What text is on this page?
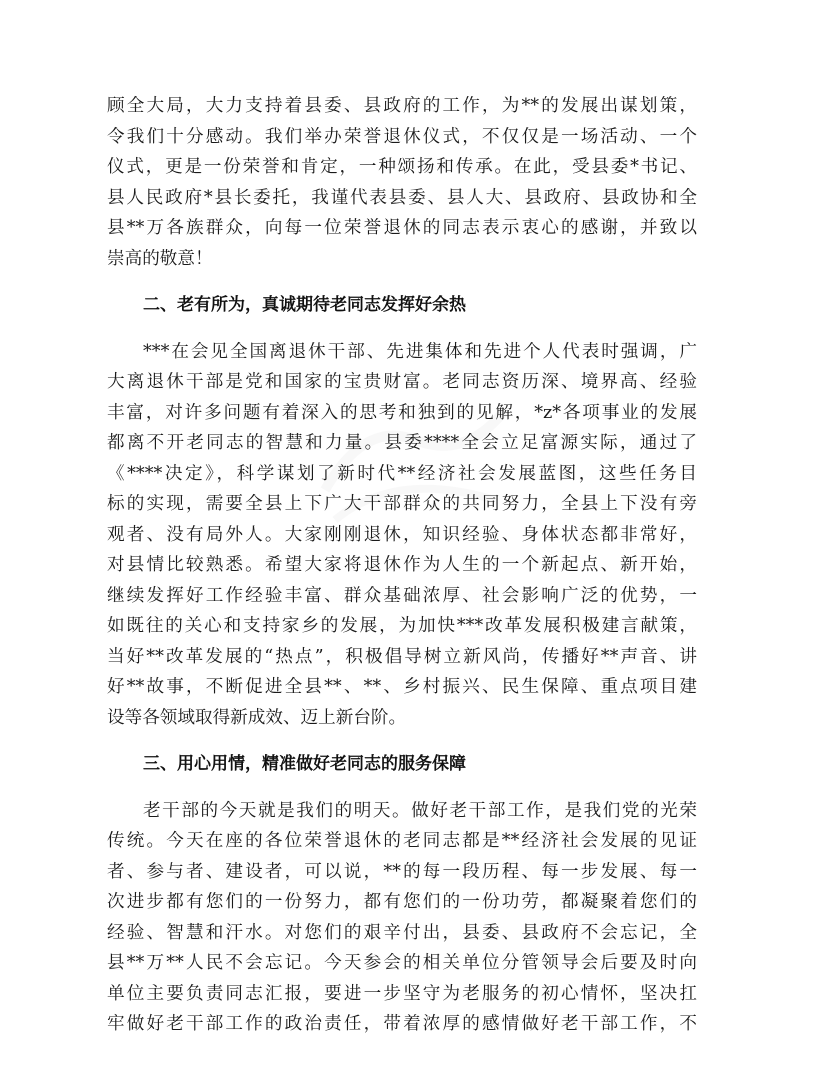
顾全大局，大力支持着县委、县政府的工作，为**的发展出谋划策，
令我们十分感动。我们举办荣誉退休仪式，不仅仅是一场活动、一个
仪式，更是一份荣誉和肯定，一种颂扬和传承。在此，受县委*书记、
县人民政府*县长委托，我谨代表县委、县人大、县政府、县政协和全
县**万各族群众，向每一位荣誉退休的同志表示衷心的感谢，并致以
崇高的敬意！
二、老有所为，真诚期待老同志发挥好余热
***在会见全国离退休干部、先进集体和先进个人代表时强调，广
大离退休干部是党和国家的宝贵财富。老同志资历深、境界高、经验
丰富，对许多问题有着深入的思考和独到的见解，*z*各项事业的发展
都离不开老同志的智慧和力量。县委****全会立足富源实际，通过了
《****决定》，科学谋划了新时代**经济社会发展蓝图，这些任务目
标的实现，需要全县上下广大干部群众的共同努力，全县上下没有旁
观者、没有局外人。大家刚刚退休，知识经验、身体状态都非常好，
对县情比较熟悉。希望大家将退休作为人生的一个新起点、新开始，
继续发挥好工作经验丰富、群众基础浓厚、社会影响广泛的优势，一
如既往的关心和支持家乡的发展，为加快***改革发展积极建言献策，
当好**改革发展的“热点”，积极倡导树立新风尚，传播好**声音、讲
好**故事，不断促进全县**、**、乡村振兴、民生保障、重点项目建
设等各领域取得新成效、迈上新台阶。
三、用心用情，精准做好老同志的服务保障
老干部的今天就是我们的明天。做好老干部工作，是我们党的光荣
传统。今天在座的各位荣誉退休的老同志都是**经济社会发展的见证
者、参与者、建设者，可以说，**的每一段历程、每一步发展、每一
次进步都有您们的一份努力，都有您们的一份功劳，都凝聚着您们的
经验、智慧和汗水。对您们的艰辛付出，县委、县政府不会忘记，全
县**万**人民不会忘记。今天参会的相关单位分管领导会后要及时向
单位主要负责同志汇报，要进一步坚守为老服务的初心情怀，坚决扛
牢做好老干部工作的政治责任，带着浓厚的感情做好老干部工作，不
